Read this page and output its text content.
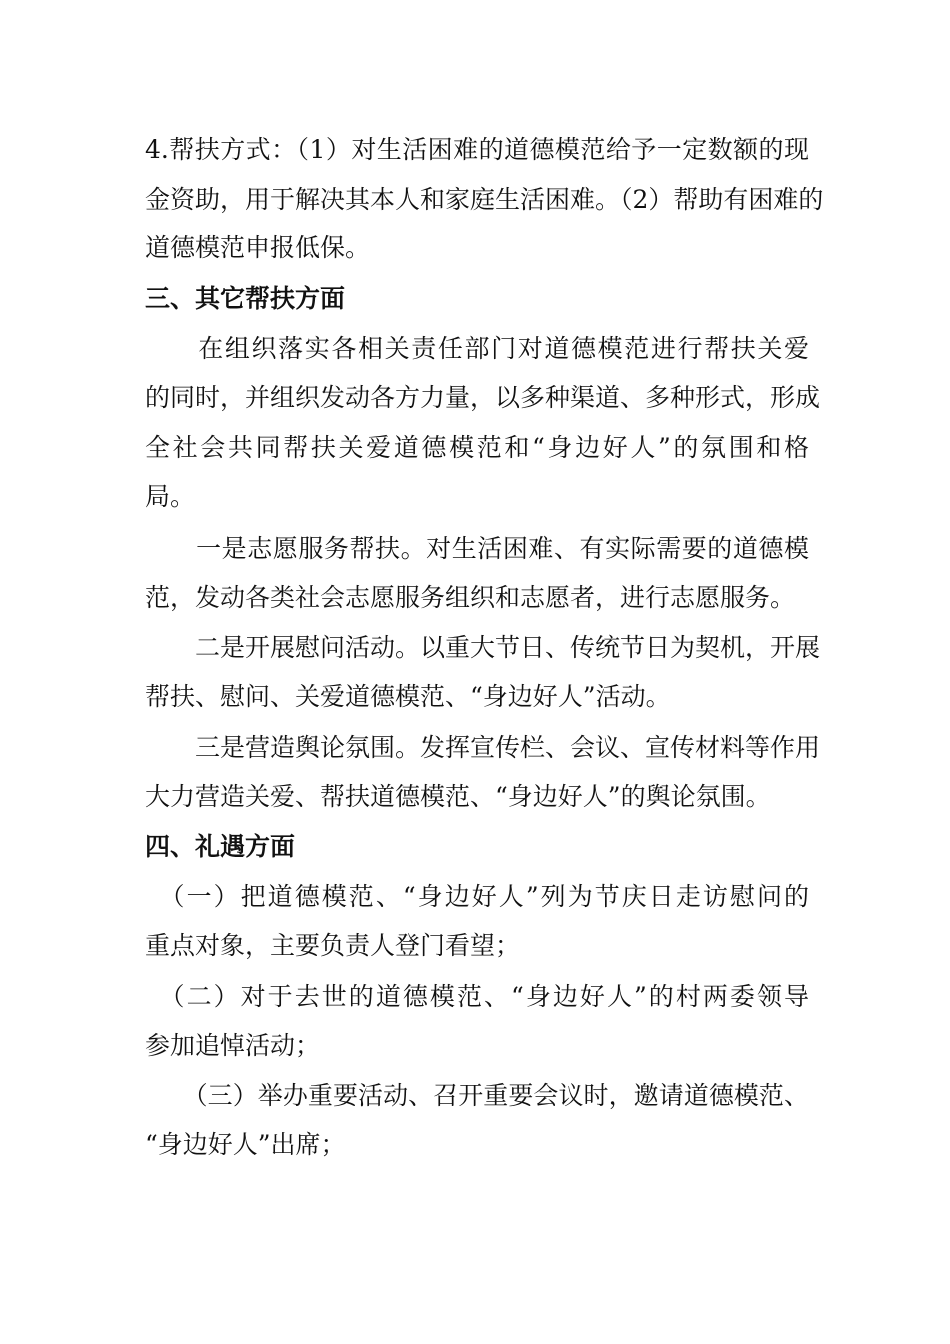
4.帮扶方式：（1）对生活困难的道德模范给予一定数额的现
金资助，用于解决其本人和家庭生活困难。（2）帮助有困难的
道德模范申报低保。
三、其它帮扶方面
　　在组织落实各相关责任部门对道德模范进行帮扶关爱
的同时，并组织发动各方力量，以多种渠道、多种形式，形成
全社会共同帮扶关爱道德模范和“身边好人”的氛围和格
局。
　　一是志愿服务帮扶。对生活困难、有实际需要的道德模
范，发动各类社会志愿服务组织和志愿者，进行志愿服务。
　　二是开展慰问活动。以重大节日、传统节日为契机，开展
帮扶、慰问、关爱道德模范、“身边好人”活动。
　　三是营造舆论氛围。发挥宣传栏、会议、宣传材料等作用
大力营造关爱、帮扶道德模范、“身边好人”的舆论氛围。
四、礼遇方面
　（一）把道德模范、“身边好人”列为节庆日走访慰问的
重点对象，主要负责人登门看望；
　（二）对于去世的道德模范、“身边好人”的村两委领导
参加追悼活动；
　　（三）举办重要活动、召开重要会议时，邀请道德模范、
“身边好人”出席；
